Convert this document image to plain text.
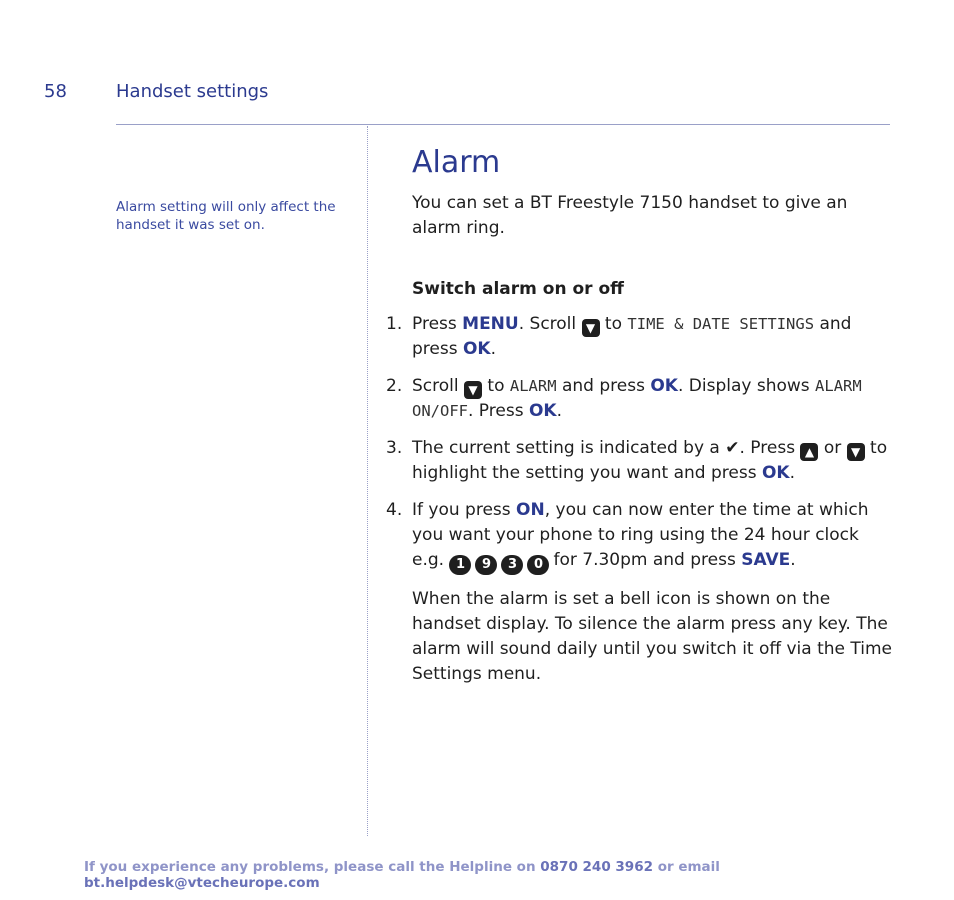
58	Handset settings
Alarm setting will only affect the handset it was set on.
Alarm

You can set a BT Freestyle 7150 handset to give an alarm ring.

Switch alarm on or off

1. Press MENU. Scroll ▼ to TIME & DATE SETTINGS and press OK.
2. Scroll ▼ to ALARM and press OK. Display shows ALARM ON/OFF. Press OK.
3. The current setting is indicated by a ✔. Press ▲ or ▼ to highlight the setting you want and press OK.
4. If you press ON, you can now enter the time at which you want your phone to ring using the 24 hour clock e.g. 1 9 3 0 for 7.30pm and press SAVE.

When the alarm is set a bell icon is shown on the handset display. To silence the alarm press any key. The alarm will sound daily until you switch it off via the Time Settings menu.

If you experience any problems, please call the Helpline on 0870 240 3962 or email bt.helpdesk@vtecheurope.com
